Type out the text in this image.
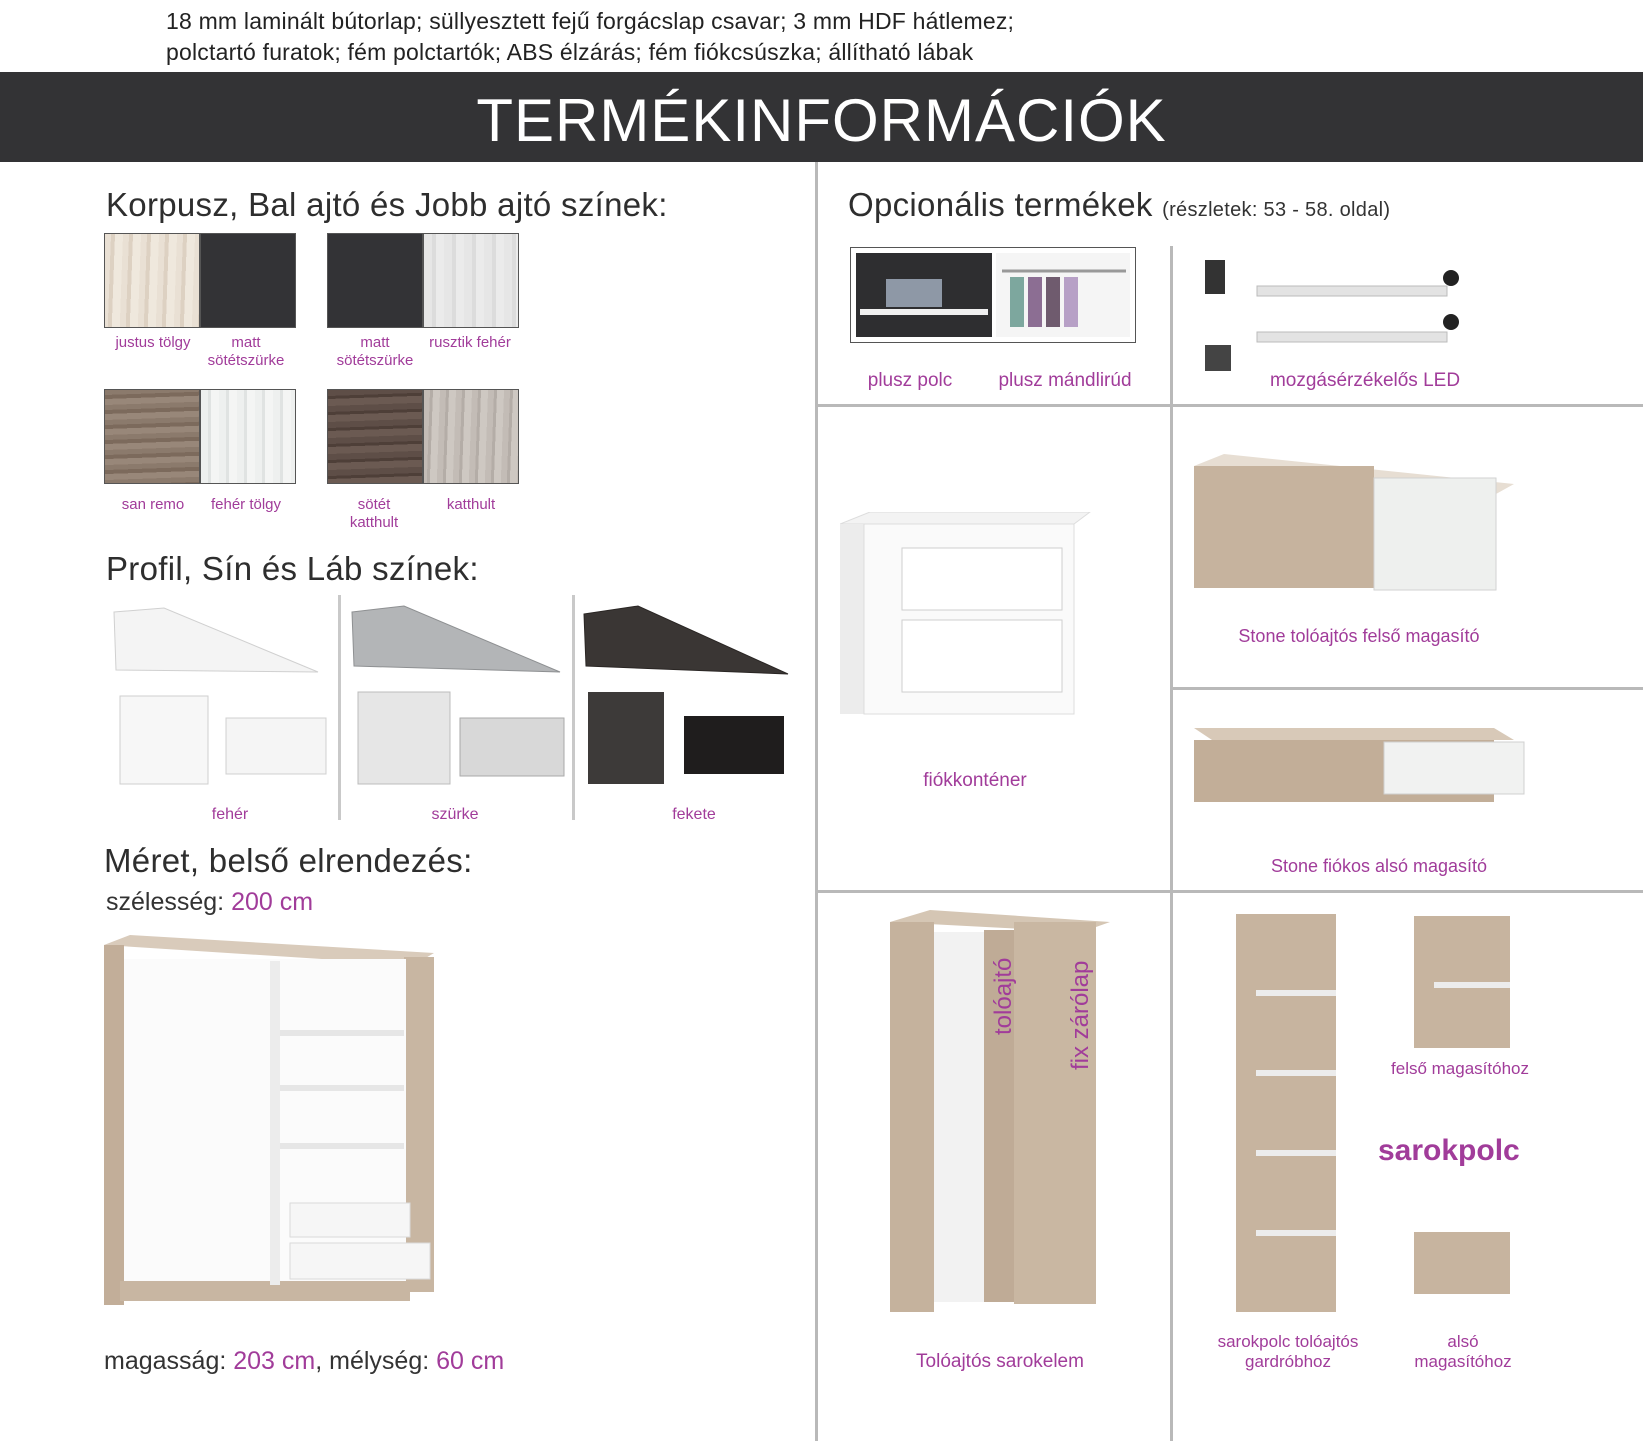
18 mm laminált bútorlap; süllyesztett fejű forgácslap csavar; 3 mm HDF hátlemez;
polctartó furatok; fém polctartók; ABS élzárás; fém fiókcsúszka; állítható lábak
TERMÉKINFORMÁCIÓK
Korpusz, Bal ajtó és Jobb ajtó színek:
justus tölgy	matt sötétszürke
matt sötétszürke
rusztik fehér
san remo	fehér tölgy	sötét katthult
katthult
Profil, Sín és Láb színek:
fehér	szürke	fekete
Méret, belső elrendezés:
szélesség: 200 cm
magasság: 203 cm, mélység: 60 cm
Opcionális termékek (részletek: 53 - 58. oldal)
plusz polc	plusz mándlirúd	mozgásérzékelős LED
fiókkonténer
Stone tolóajtós felső magasító
Stone fiókos alsó magasító
tolóajtó fix zárólap
Tolóajtós sarokelem
felső magasítóhoz
sarokpolc
sarokpolc tolóajtós gardróbhoz
alsó magasítóhoz
